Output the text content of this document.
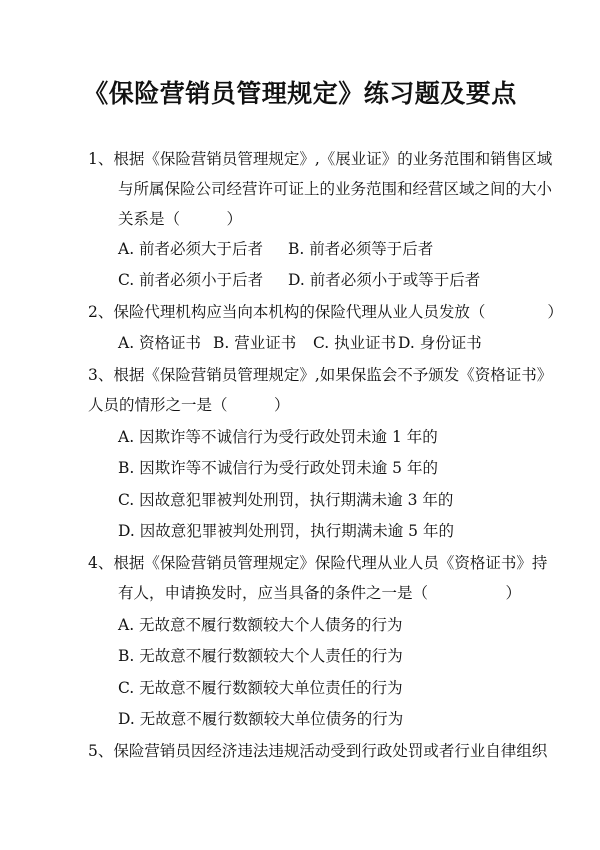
《保险营销员管理规定》练习题及要点
1、根据《保险营销员管理规定》,《展业证》的业务范围和销售区域
与所属保险公司经营许可证上的业务范围和经营区域之间的大小
关系是（　　　）
A. 前者必须大于后者 B. 前者必须等于后者
C. 前者必须小于后者 D. 前者必须小于或等于后者
2、保险代理机构应当向本机构的保险代理从业人员发放（　　　　）
A. 资格证书 B. 营业证书 C. 执业证书 D. 身份证书
3、根据《保险营销员管理规定》,如果保监会不予颁发《资格证书》
人员的情形之一是（　　　）
A. 因欺诈等不诚信行为受行政处罚未逾 1 年的
B. 因欺诈等不诚信行为受行政处罚未逾 5 年的
C. 因故意犯罪被判处刑罚，执行期满未逾 3 年的
D. 因故意犯罪被判处刑罚，执行期满未逾 5 年的
4、根据《保险营销员管理规定》保险代理从业人员《资格证书》持
有人，申请换发时，应当具备的条件之一是（　　　　　）
A. 无故意不履行数额较大个人债务的行为
B. 无故意不履行数额较大个人责任的行为
C. 无故意不履行数额较大单位责任的行为
D. 无故意不履行数额较大单位债务的行为
5、保险营销员因经济违法违规活动受到行政处罚或者行业自律组织
